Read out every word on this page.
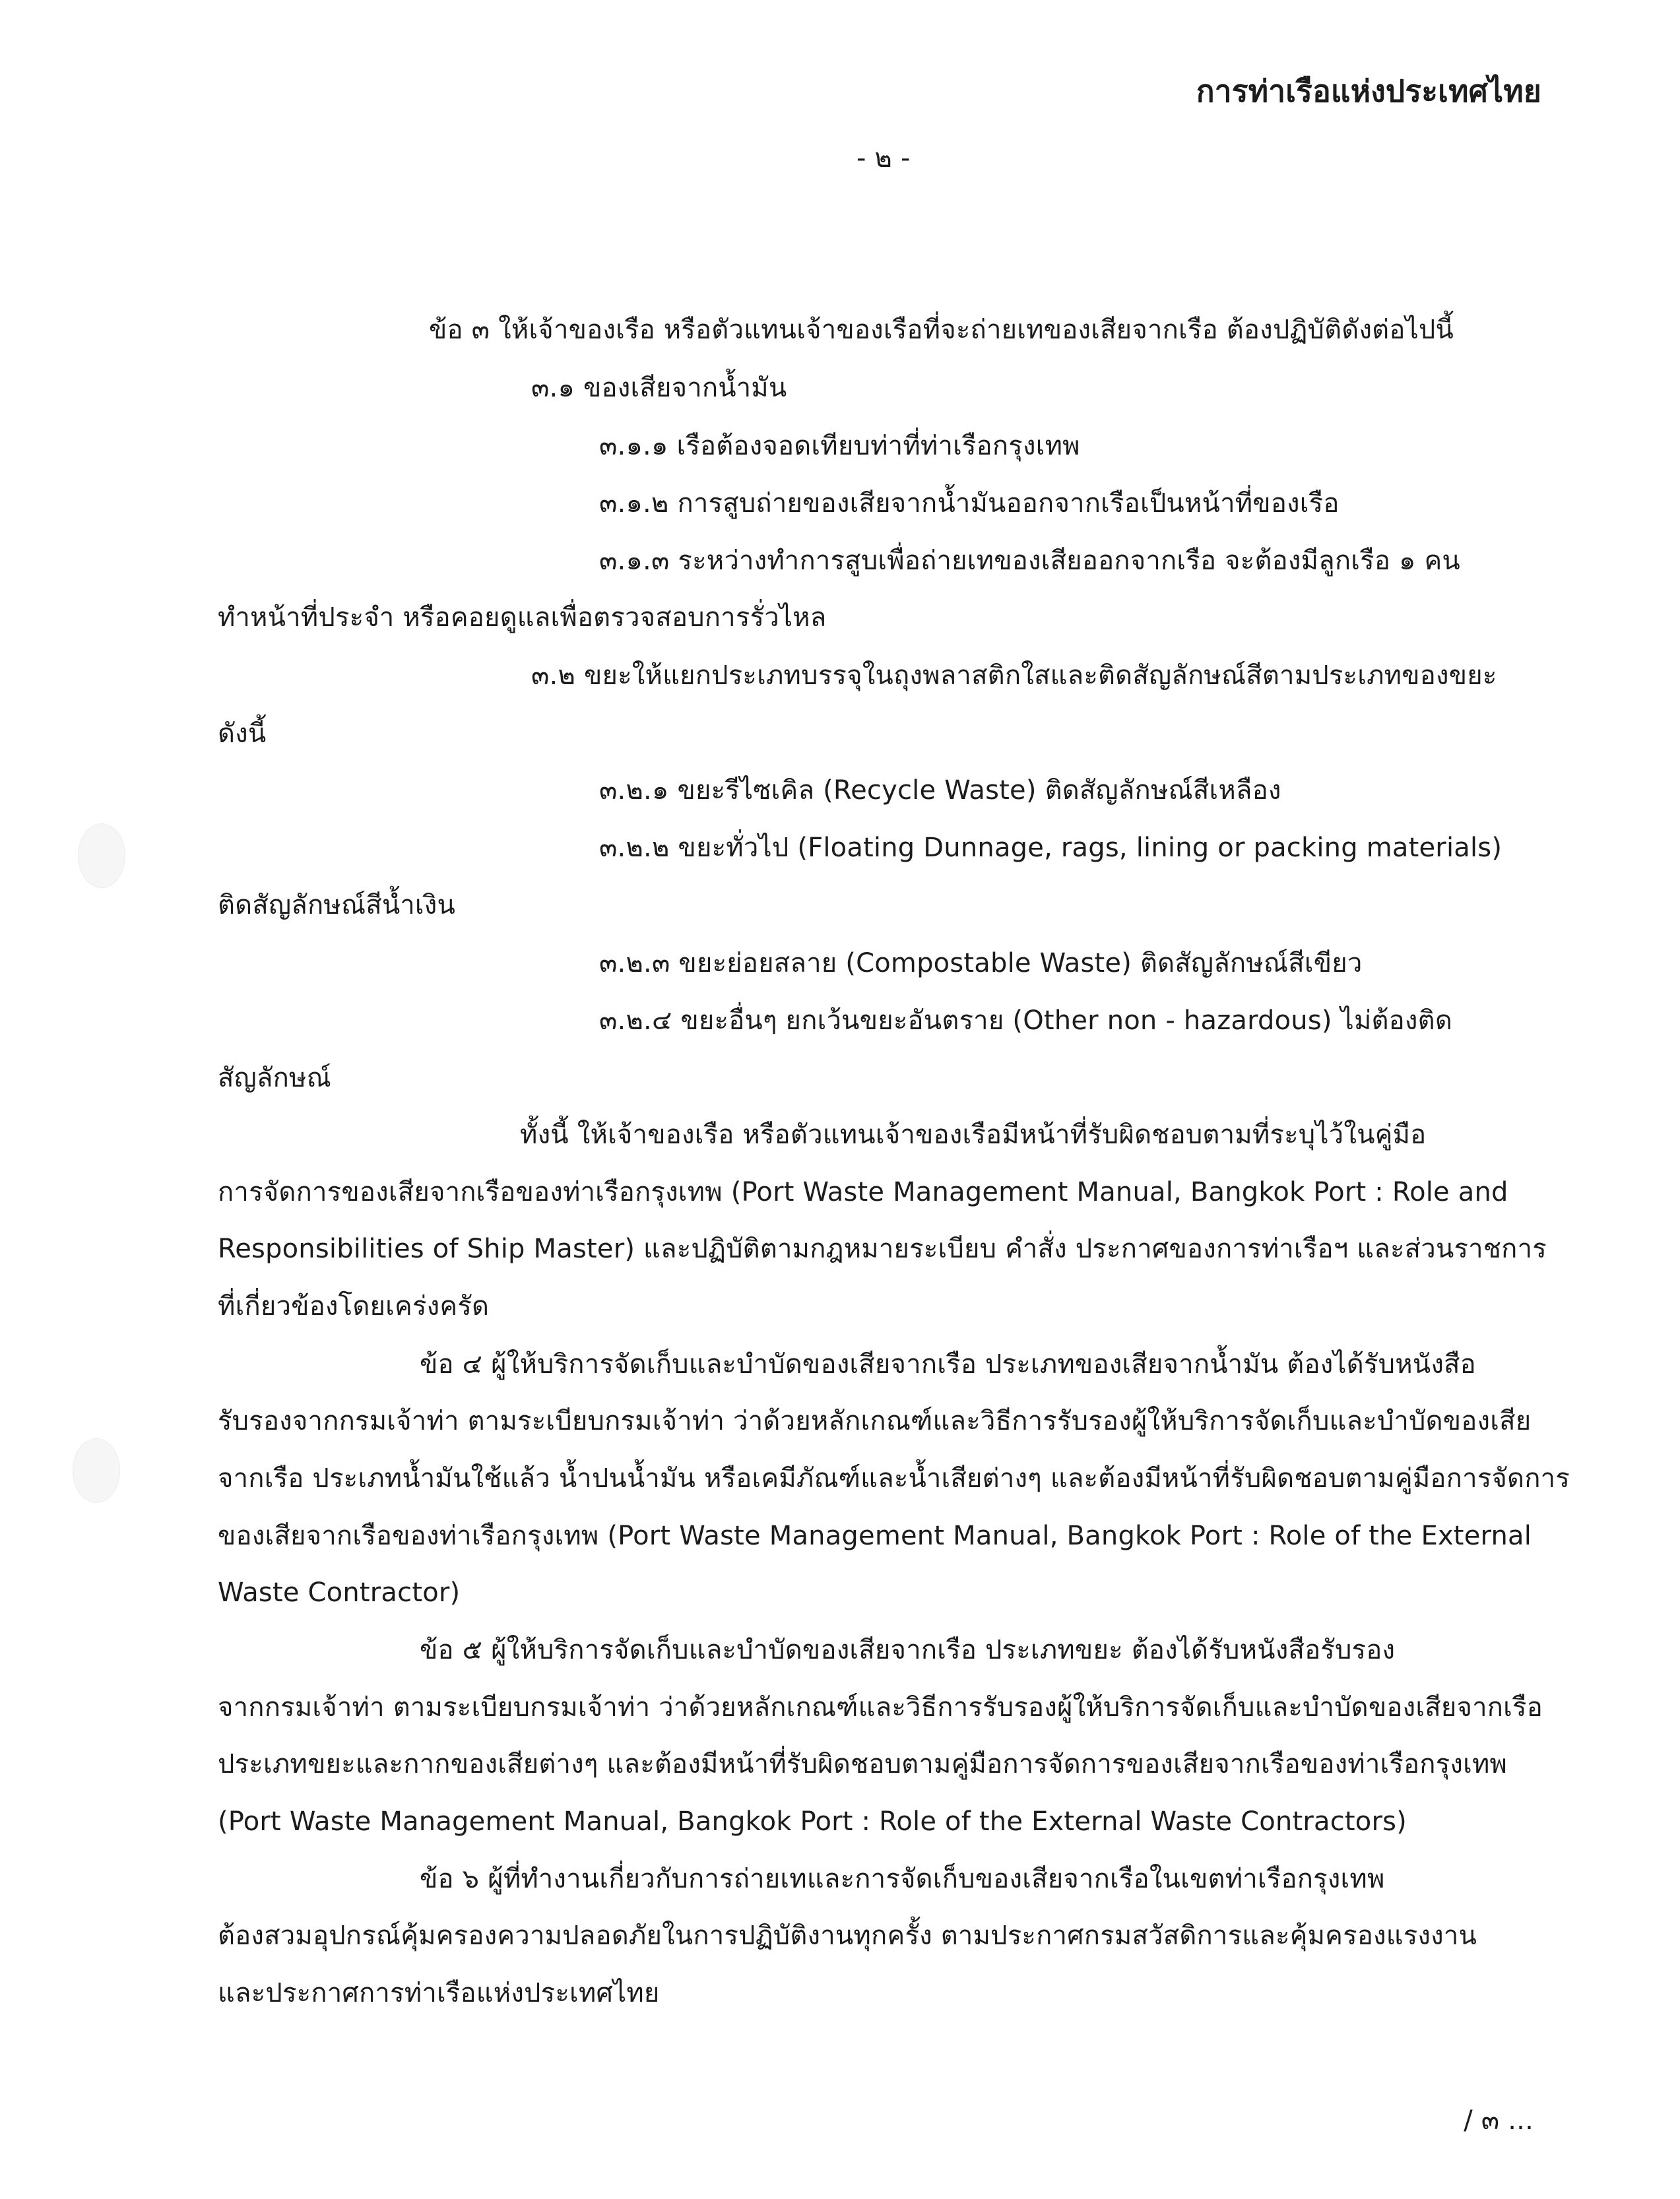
การท่าเรือแห่งประเทศไทย
- ๒ -
ข้อ ๓ ให้เจ้าของเรือ หรือตัวแทนเจ้าของเรือที่จะถ่ายเทของเสียจากเรือ ต้องปฏิบัติดังต่อไปนี้
๓.๑ ของเสียจากน้ำมัน
๓.๑.๑ เรือต้องจอดเทียบท่าที่ท่าเรือกรุงเทพ
๓.๑.๒ การสูบถ่ายของเสียจากน้ำมันออกจากเรือเป็นหน้าที่ของเรือ
๓.๑.๓ ระหว่างทำการสูบเพื่อถ่ายเทของเสียออกจากเรือ จะต้องมีลูกเรือ ๑ คน
ทำหน้าที่ประจำ หรือคอยดูแลเพื่อตรวจสอบการรั่วไหล
๓.๒ ขยะให้แยกประเภทบรรจุในถุงพลาสติกใสและติดสัญลักษณ์สีตามประเภทของขยะ
ดังนี้
๓.๒.๑ ขยะรีไซเคิล (Recycle Waste) ติดสัญลักษณ์สีเหลือง
๓.๒.๒ ขยะทั่วไป (Floating Dunnage, rags, lining or packing materials)
ติดสัญลักษณ์สีน้ำเงิน
๓.๒.๓ ขยะย่อยสลาย (Compostable Waste) ติดสัญลักษณ์สีเขียว
๓.๒.๔ ขยะอื่นๆ ยกเว้นขยะอันตราย (Other non - hazardous) ไม่ต้องติด
สัญลักษณ์
ทั้งนี้ ให้เจ้าของเรือ หรือตัวแทนเจ้าของเรือมีหน้าที่รับผิดชอบตามที่ระบุไว้ในคู่มือ
การจัดการของเสียจากเรือของท่าเรือกรุงเทพ (Port Waste Management Manual, Bangkok Port : Role and
Responsibilities of Ship Master) และปฏิบัติตามกฎหมายระเบียบ คำสั่ง ประกาศของการท่าเรือฯ และส่วนราชการ
ที่เกี่ยวข้องโดยเคร่งครัด
ข้อ ๔ ผู้ให้บริการจัดเก็บและบำบัดของเสียจากเรือ ประเภทของเสียจากน้ำมัน ต้องได้รับหนังสือ
รับรองจากกรมเจ้าท่า ตามระเบียบกรมเจ้าท่า ว่าด้วยหลักเกณฑ์และวิธีการรับรองผู้ให้บริการจัดเก็บและบำบัดของเสีย
จากเรือ ประเภทน้ำมันใช้แล้ว น้ำปนน้ำมัน หรือเคมีภัณฑ์และน้ำเสียต่างๆ และต้องมีหน้าที่รับผิดชอบตามคู่มือการจัดการ
ของเสียจากเรือของท่าเรือกรุงเทพ (Port Waste Management Manual, Bangkok Port : Role of the External
Waste Contractor)
ข้อ ๕ ผู้ให้บริการจัดเก็บและบำบัดของเสียจากเรือ ประเภทขยะ ต้องได้รับหนังสือรับรอง
จากกรมเจ้าท่า ตามระเบียบกรมเจ้าท่า ว่าด้วยหลักเกณฑ์และวิธีการรับรองผู้ให้บริการจัดเก็บและบำบัดของเสียจากเรือ
ประเภทขยะและกากของเสียต่างๆ และต้องมีหน้าที่รับผิดชอบตามคู่มือการจัดการของเสียจากเรือของท่าเรือกรุงเทพ
(Port Waste Management Manual, Bangkok Port : Role of the External Waste Contractors)
ข้อ ๖ ผู้ที่ทำงานเกี่ยวกับการถ่ายเทและการจัดเก็บของเสียจากเรือในเขตท่าเรือกรุงเทพ
ต้องสวมอุปกรณ์คุ้มครองความปลอดภัยในการปฏิบัติงานทุกครั้ง ตามประกาศกรมสวัสดิการและคุ้มครองแรงงาน
และประกาศการท่าเรือแห่งประเทศไทย
/ ๓ ...
